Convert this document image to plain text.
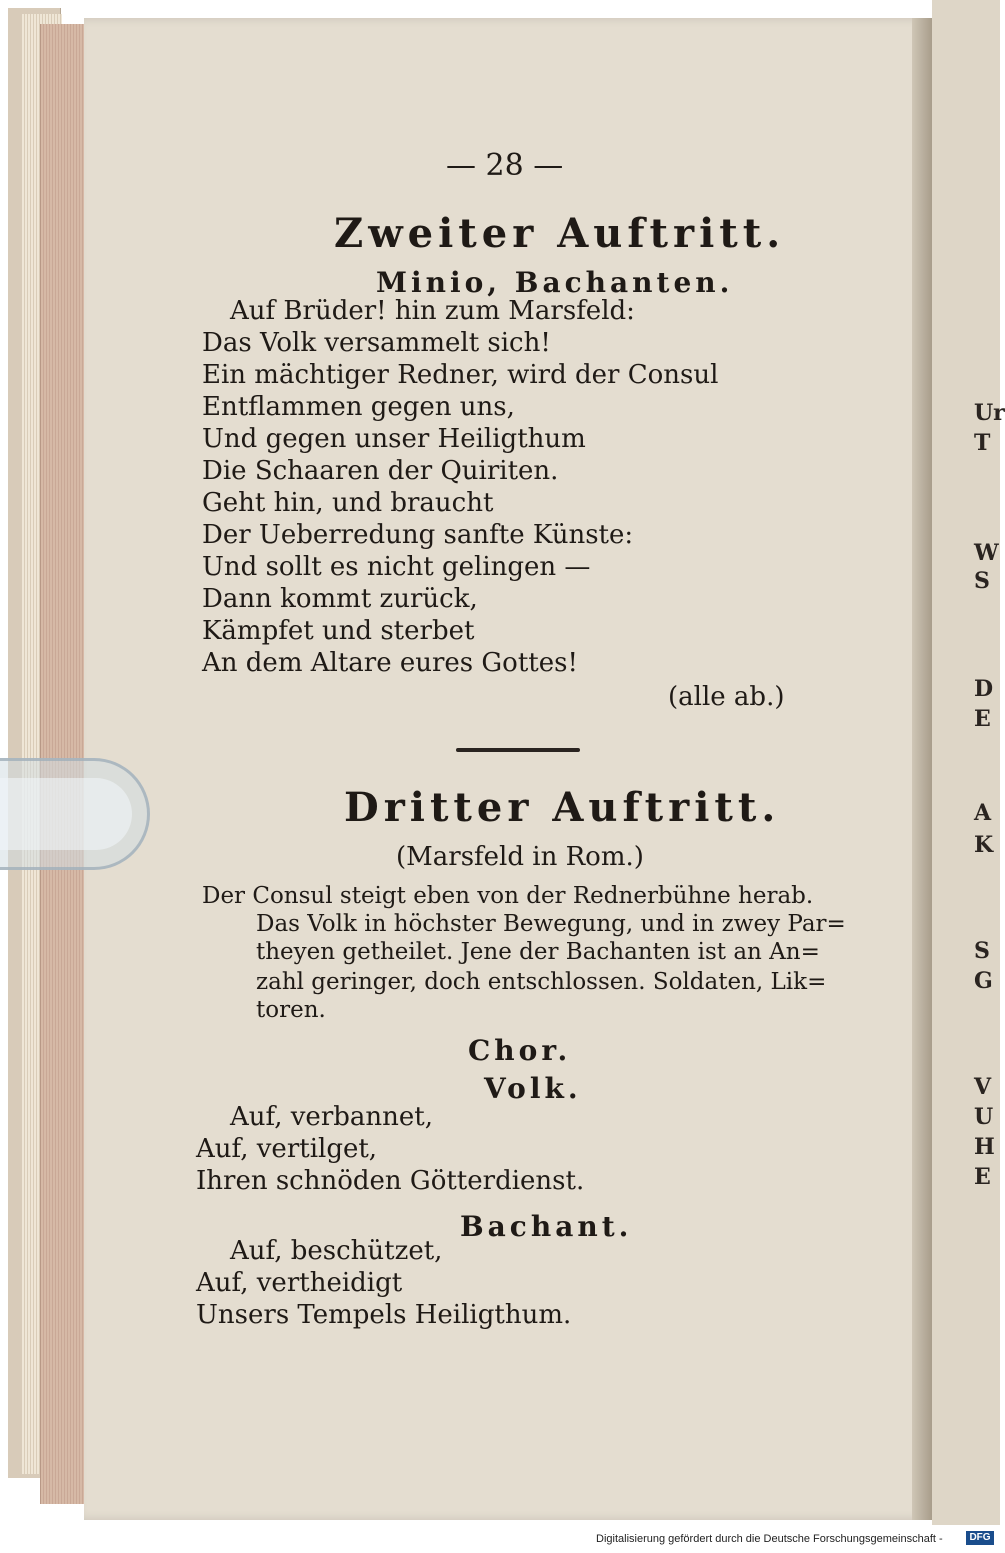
Ur
T
W
S
D
E
A
K
S
G
V
U
H
E
— 28 —
Zweiter Auftritt.
Minio, Bachanten.
Auf Brüder! hin zum Marsfeld:
Das Volk versammelt sich!
Ein mächtiger Redner, wird der Consul
Entflammen gegen uns,
Und gegen unser Heiligthum
Die Schaaren der Quiriten.
Geht hin, und braucht
Der Ueberredung sanfte Künste:
Und sollt es nicht gelingen —
Dann kommt zurück,
Kämpfet und sterbet
An dem Altare eures Gottes!
(alle ab.)
Dritter Auftritt.
(Marsfeld in Rom.)
Der Consul steigt eben von der Rednerbühne herab.
Das Volk in höchster Bewegung, und in zwey Par=
theyen getheilet. Jene der Bachanten ist an An=
zahl geringer, doch entschlossen. Soldaten, Lik=
toren.
Chor.
Volk.
Auf, verbannet,
Auf, vertilget,
Ihren schnöden Götterdienst.
Bachant.
Auf, beschützet,
Auf, vertheidigt
Unsers Tempels Heiligthum.
Digitalisierung gefördert durch die Deutsche Forschungsgemeinschaft -	DFG
